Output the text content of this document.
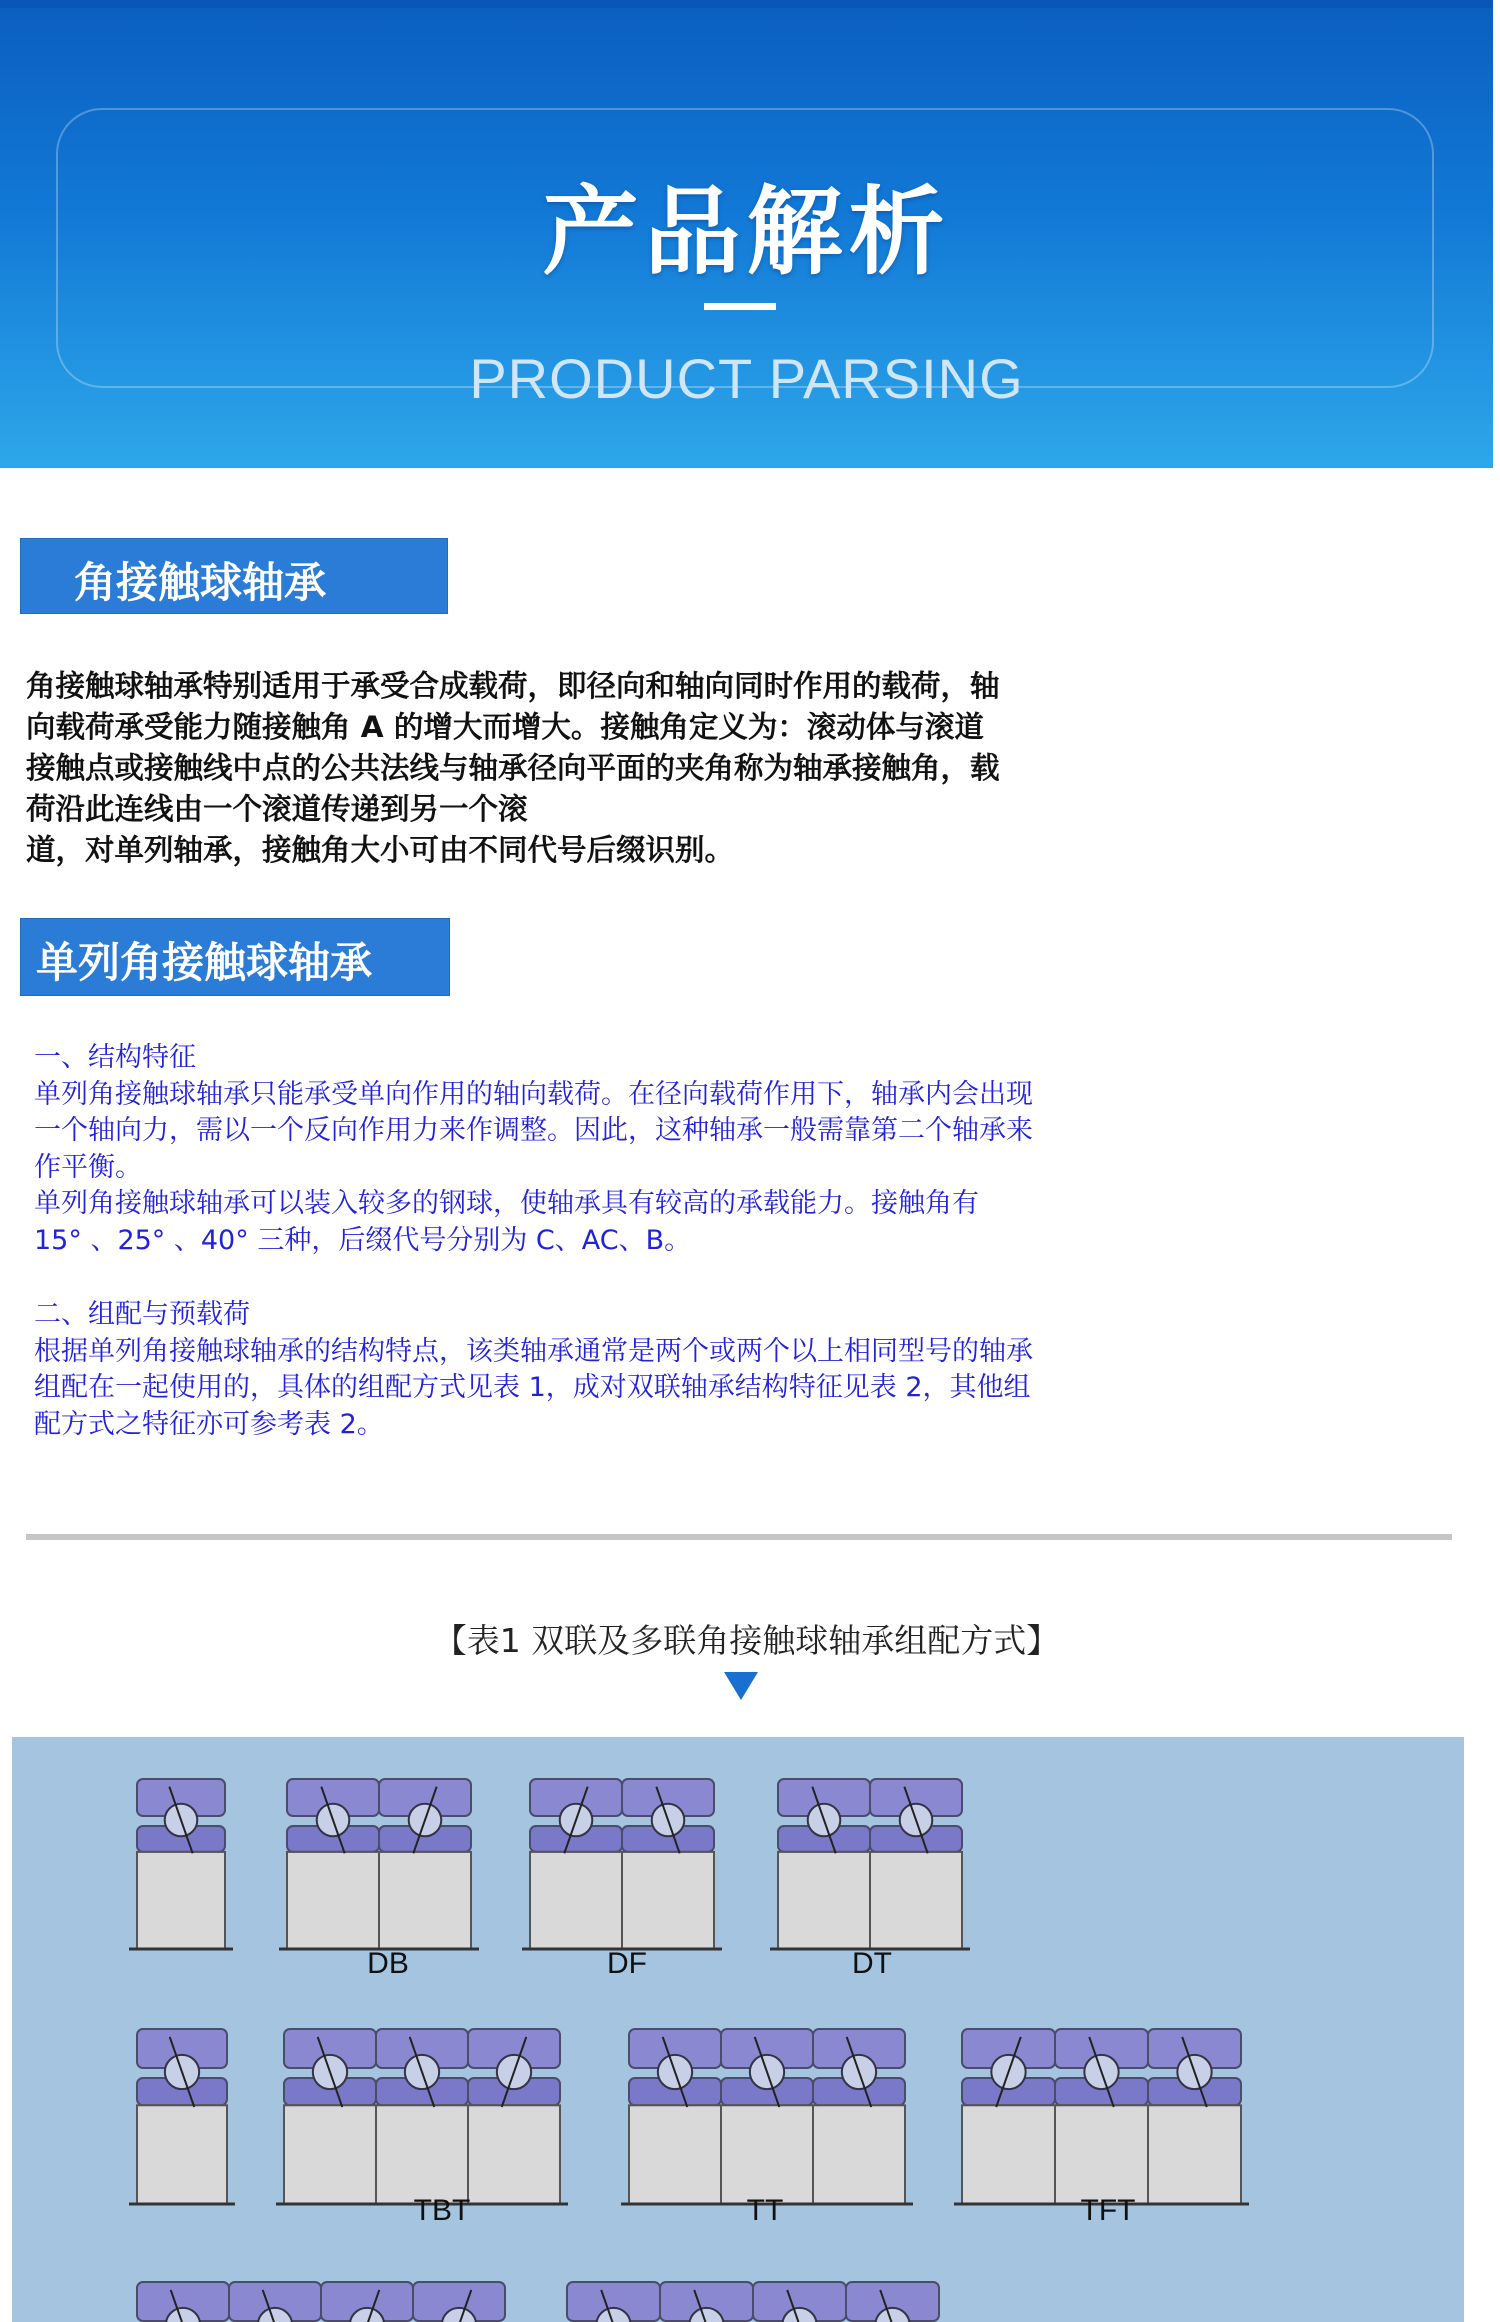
产品解析
PRODUCT PARSING
角接触球轴承
角接触球轴承特别适用于承受合成载荷，即径向和轴向同时作用的载荷，轴
向载荷承受能力随接触角 A 的增大而增大。接触角定义为：滚动体与滚道
接触点或接触线中点的公共法线与轴承径向平面的夹角称为轴承接触角，载
荷沿此连线由一个滚道传递到另一个滚
道，对单列轴承，接触角大小可由不同代号后缀识别。
单列角接触球轴承
一、结构特征
单列角接触球轴承只能承受单向作用的轴向载荷。在径向载荷作用下，轴承内会出现
一个轴向力，需以一个反向作用力来作调整。因此，这种轴承一般需靠第二个轴承来
作平衡。
单列角接触球轴承可以装入较多的钢球，使轴承具有较高的承载能力。接触角有
15° 、25° 、40° 三种，后缀代号分别为 C、AC、B。
二、组配与预载荷
根据单列角接触球轴承的结构特点，该类轴承通常是两个或两个以上相同型号的轴承
组配在一起使用的，具体的组配方式见表 1，成对双联轴承结构特征见表 2，其他组
配方式之特征亦可参考表 2。
【表1 双联及多联角接触球轴承组配方式】
DB	DF	DT
TBT	TT	TFT
